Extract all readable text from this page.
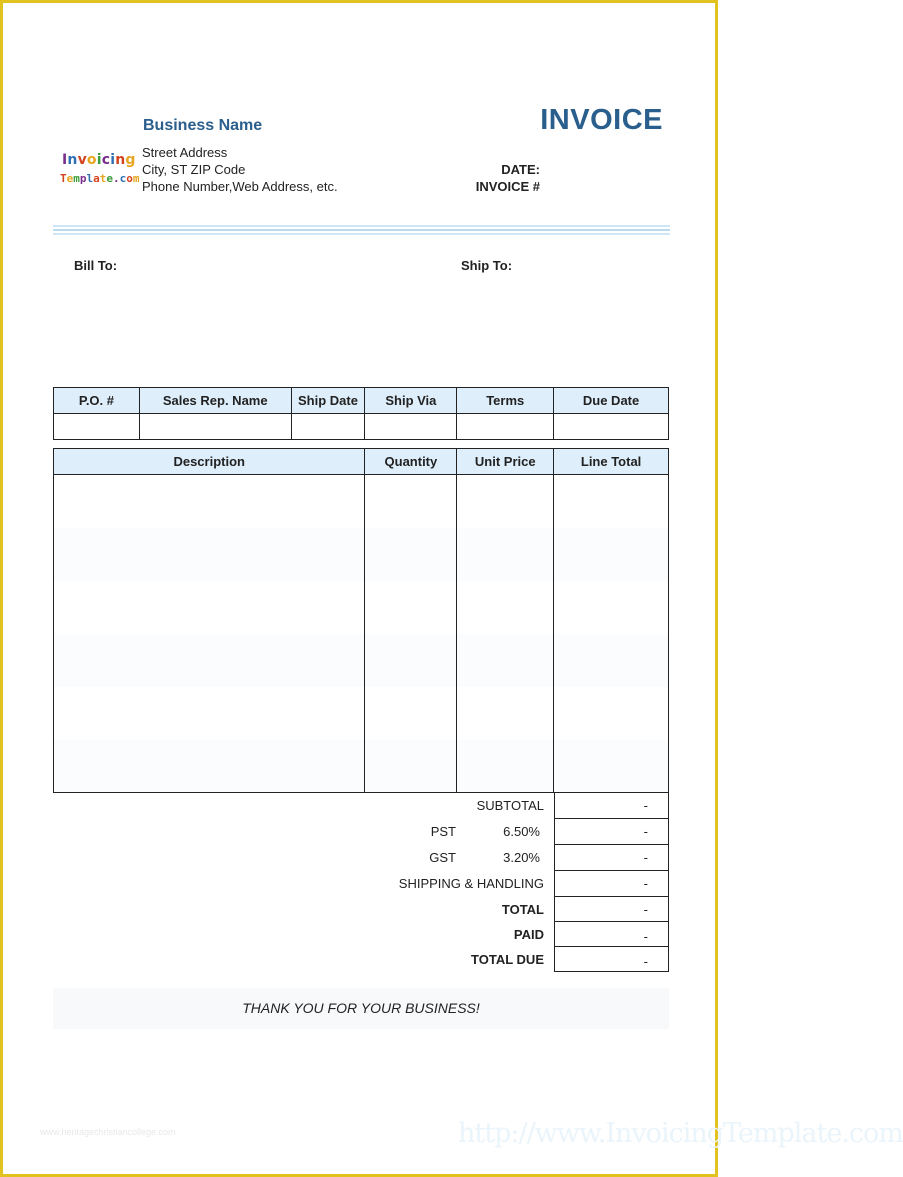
Invoicing
Template.com
Business Name
Street Address
City, ST ZIP Code
Phone Number,Web Address, etc.
INVOICE
DATE:
INVOICE #
Bill To:	Ship To:
P.O. #	Sales Rep. Name	Ship Date	Ship Via	Terms	Due Date

Description	Quantity	Unit Price	Line Total

SUBTOTAL	-
PST	6.50%	-
GST	3.20%	-
SHIPPING & HANDLING	-
TOTAL	-
PAID	-
TOTAL DUE	-
THANK YOU FOR YOUR BUSINESS!
www.heritagechristiancollege.com	http://www.InvoicingTemplate.com
